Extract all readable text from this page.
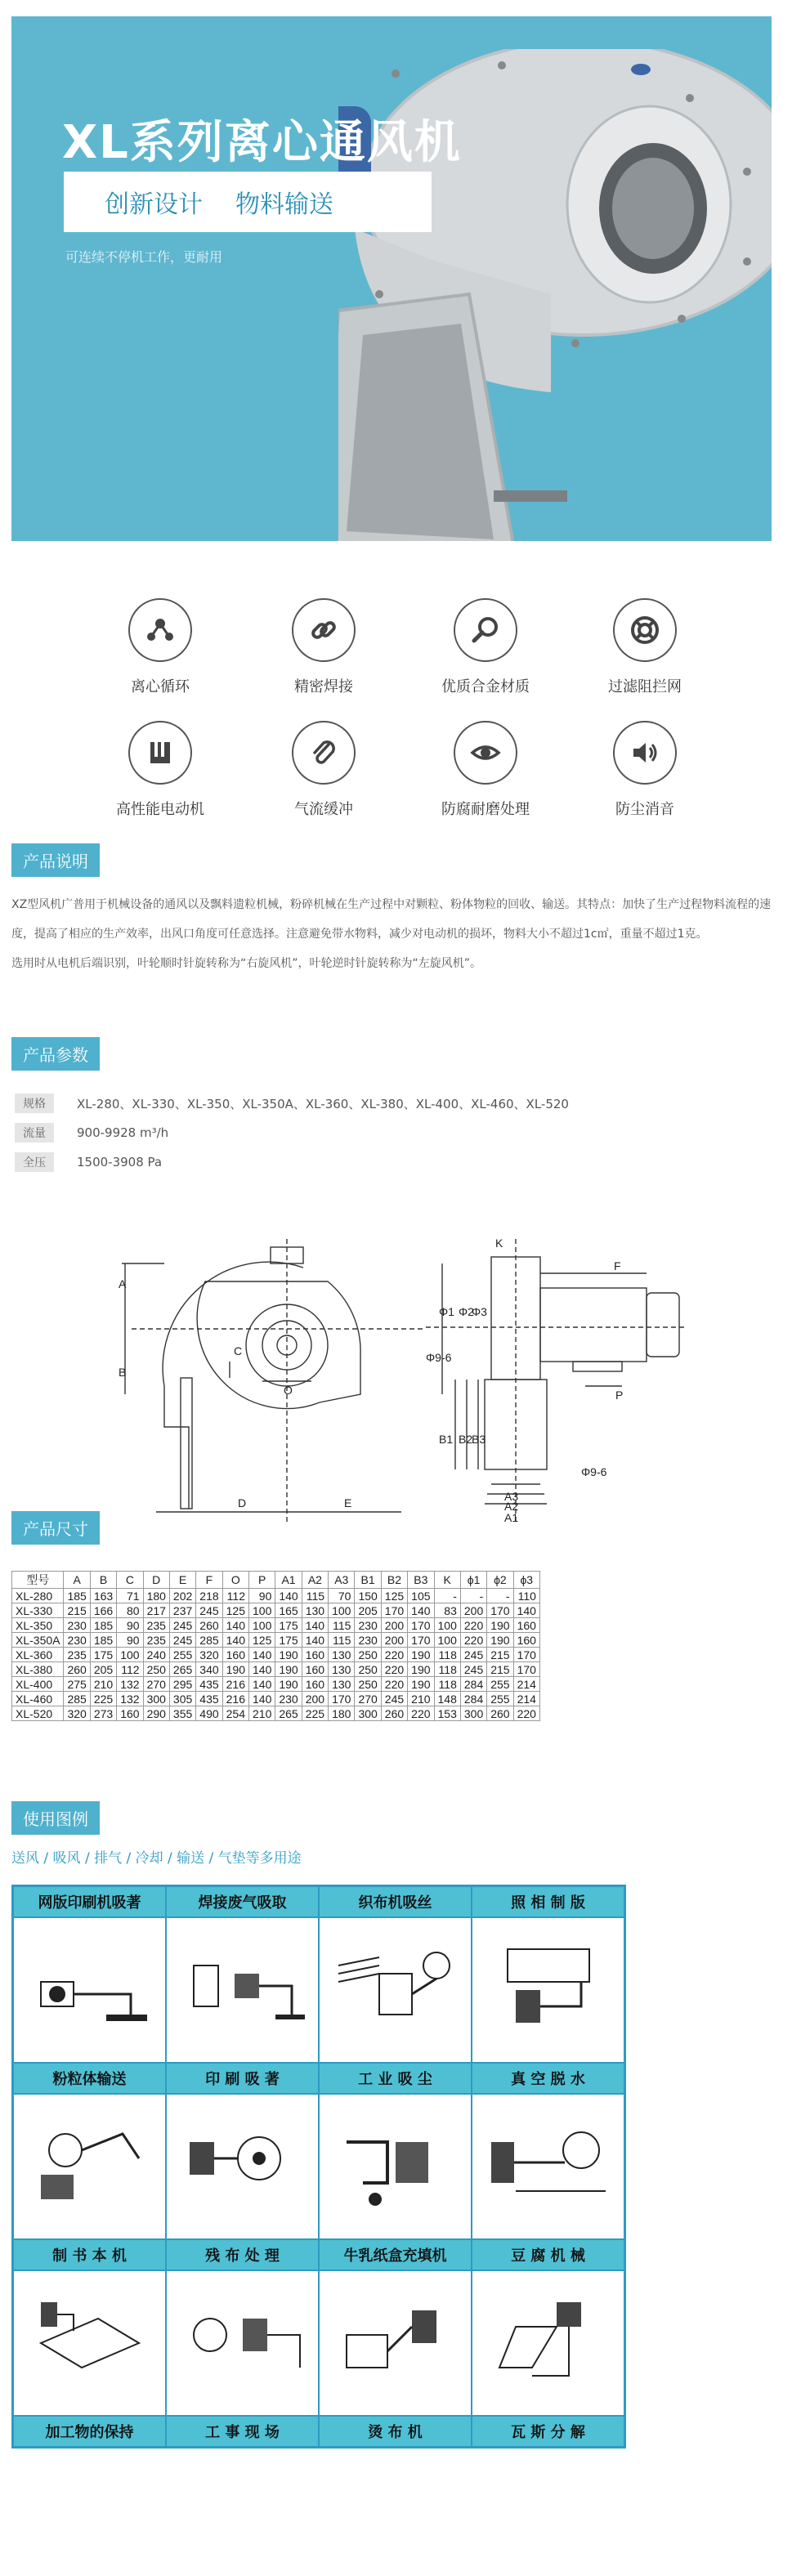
XL系列离心通风机
创新设计 物料输送
可连续不停机工作，更耐用
离心循环	精密焊接	优质合金材质	过滤阻拦网
高性能电动机	气流缓冲	防腐耐磨处理	防尘消音
产品说明

XZ型风机广普用于机械设备的通风以及飘料遗粒机械，粉碎机械在生产过程中对颗粒、粉体物粒的回收、输送。其特点：加快了生产过程物料流程的速度，提高了相应的生产效率，出风口角度可任意选择。注意避免带水物料，减少对电动机的损坏，物料大小不超过1c㎡，重量不超过1克。

选用时从电机后端识别，叶轮顺时针旋转称为“右旋风机”，叶轮逆时针旋转称为“左旋风机”。

产品参数
规格	XL-280、XL-330、XL-350、XL-350A、XL-360、XL-380、XL-400、XL-460、XL-520
流量	900-9928 m³/h
全压	1500-3908 Pa
产品尺寸
A
B
C
D	E
O
K
F
P
A3
A2
A1
B1 B2
B3
Φ1 Φ2
Φ3
Φ9-6
Φ9-6
型号	A	B	C	D	E	F	O	P	A1	A2	A3	B1	B2	B3	K	ϕ1	ϕ2	ϕ3
XL-280	185	163	71	180	202	218	112	90	140	115	70	150	125	105	-	-	-	110
XL-330	215	166	80	217	237	245	125	100	165	130	100	205	170	140	83	200	170	140
XL-350	230	185	90	235	245	260	140	100	175	140	115	230	200	170	100	220	190	160
XL-350A	230	185	90	235	245	285	140	125	175	140	115	230	200	170	100	220	190	160
XL-360	235	175	100	240	255	320	160	140	190	160	130	250	220	190	118	245	215	170
XL-380	260	205	112	250	265	340	190	140	190	160	130	250	220	190	118	245	215	170
XL-400	275	210	132	270	295	435	216	140	190	160	130	250	220	190	118	284	255	214
XL-460	285	225	132	300	305	435	216	140	230	200	170	270	245	210	148	284	255	214
XL-520	320	273	160	290	355	490	254	210	265	225	180	300	260	220	153	300	260	220
使用图例
送风 / 吸风 / 排气 / 冷却 / 输送 / 气垫等多用途
网版印刷机吸著	焊接废气吸取	织布机吸丝	照 相 制 版
粉粒体输送	印 刷 吸 著	工 业 吸 尘	真 空 脱 水
制 书 本 机	残 布 处 理	牛乳纸盒充填机	豆 腐 机 械
加工物的保持	工 事 现 场	烫 布 机	瓦 斯 分 解
